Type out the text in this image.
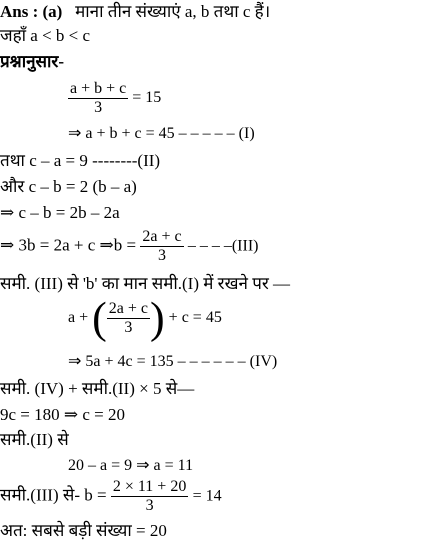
Ans : (a) माना तीन संख्याएं a, b तथा c हैं।
जहाँ a < b < c
प्रश्नानुसार-
$\frac{a + b + c}{3} = 15$
⇒ a + b + c = 45 – – – – – (I)
तथा c – a = 9 --------(II)
और c – b = 2 (b – a)
⇒ c – b = 2b – 2a
⇒ 3b = 2a + c ⇒b = $\frac{2a + c}{3}$ – – – –(III)
समी. (III) से 'b' का मान समी.(I) में रखने पर —
a + ( $\frac{2a + c}{3}$ ) + c = 45
⇒ 5a + 4c = 135 – – – – – – (IV)
समी. (IV) + समी.(II) × 5 से—
9c = 180 ⇒ c = 20
समी.(II) से
20 – a = 9 ⇒ a = 11
समी.(III) से- $b = \frac{2 \times 11 + 20}{3} = 14$
अत: सबसे बड़ी संख्या = 20
